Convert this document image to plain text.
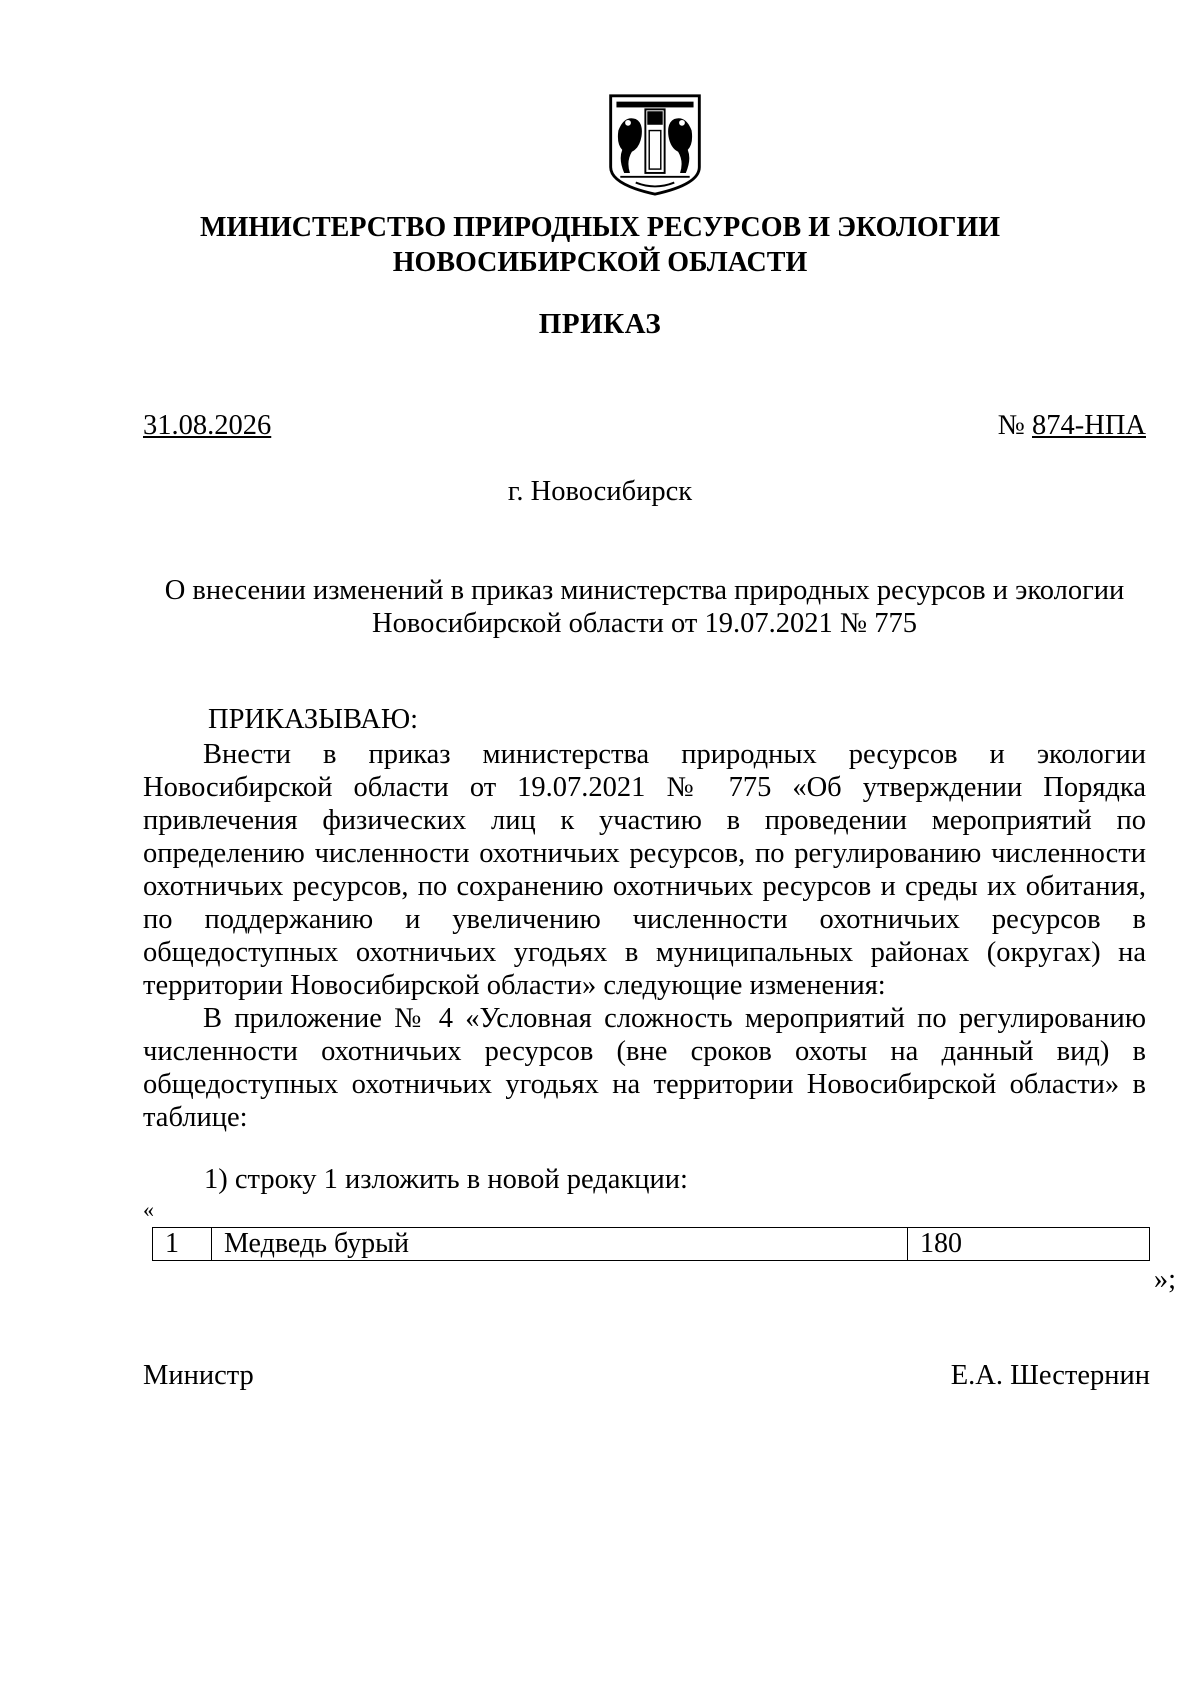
МИНИСТЕРСТВО ПРИРОДНЫХ РЕСУРСОВ И ЭКОЛОГИИ
НОВОСИБИРСКОЙ ОБЛАСТИ
ПРИКАЗ
31.08.2026	№ 874-НПА
г. Новосибирск
О внесении изменений в приказ министерства природных ресурсов и экологии
Новосибирской области от 19.07.2021 № 775
ПРИКАЗЫВАЮ:

Внести в приказ министерства природных ресурсов и экологии Новосибирской области от 19.07.2021 № 775 «Об утверждении Порядка привлечения физических лиц к участию в проведении мероприятий по определению численности охотничьих ресурсов, по регулированию численности охотничьих ресурсов, по сохранению охотничьих ресурсов и среды их обитания, по поддержанию и увеличению численности охотничьих ресурсов в общедоступных охотничьих угодьях в муниципальных районах (округах) на территории Новосибирской области» следующие изменения:

В приложение № 4 «Условная сложность мероприятий по регулированию численности охотничьих ресурсов (вне сроков охоты на данный вид) в общедоступных охотничьих угодьях на территории Новосибирской области» в таблице:

1) строку 1 изложить в новой редакции:
«
1	Медведь бурый	180
»;
Министр	Е.А. Шестернин
